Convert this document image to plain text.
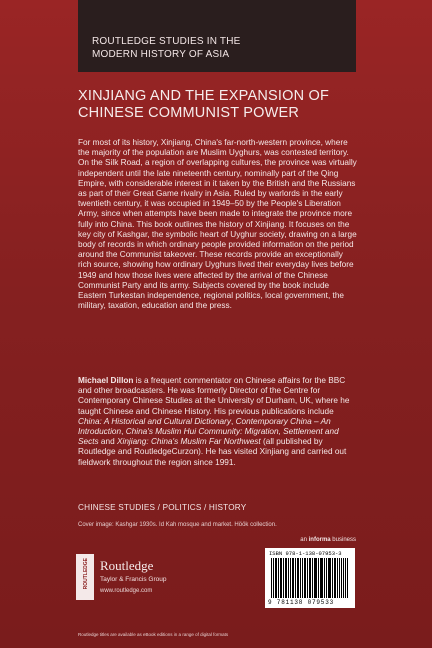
ROUTLEDGE STUDIES IN THE
MODERN HISTORY OF ASIA
XINJIANG AND THE EXPANSION OF
CHINESE COMMUNIST POWER
For most of its history, Xinjiang, China's far-north-western province, where the majority of the population are Muslim Uyghurs, was contested territory. On the Silk Road, a region of overlapping cultures, the province was virtually independent until the late nineteenth century, nominally part of the Qing Empire, with considerable interest in it taken by the British and the Russians as part of their Great Game rivalry in Asia. Ruled by warlords in the early twentieth century, it was occupied in 1949–50 by the People's Liberation Army, since when attempts have been made to integrate the province more fully into China. This book outlines the history of Xinjiang. It focuses on the key city of Kashgar, the symbolic heart of Uyghur society, drawing on a large body of records in which ordinary people provided information on the period around the Communist takeover. These records provide an exceptionally rich source, showing how ordinary Uyghurs lived their everyday lives before 1949 and how those lives were affected by the arrival of the Chinese Communist Party and its army. Subjects covered by the book include Eastern Turkestan independence, regional politics, local government, the military, taxation, education and the press.
Michael Dillon is a frequent commentator on Chinese affairs for the BBC and other broadcasters. He was formerly Director of the Centre for Contemporary Chinese Studies at the University of Durham, UK, where he taught Chinese and Chinese History. His previous publications include China: A Historical and Cultural Dictionary, Contemporary China – An Introduction, China's Muslim Hui Community: Migration, Settlement and Sects and Xinjiang: China's Muslim Far Northwest (all published by Routledge and RoutledgeCurzon). He has visited Xinjiang and carried out fieldwork throughout the region since 1991.
CHINESE STUDIES / POLITICS / HISTORY
Cover image: Kashgar 1930s. Id Kah mosque and market. Höök collection.
an informa business
ROUTLEDGE Routledge
Taylor & Francis Group
www.routledge.com
ISBN 978-1-138-07953-3
9 781138 079533
Routledge titles are available as eBook editions in a range of digital formats
